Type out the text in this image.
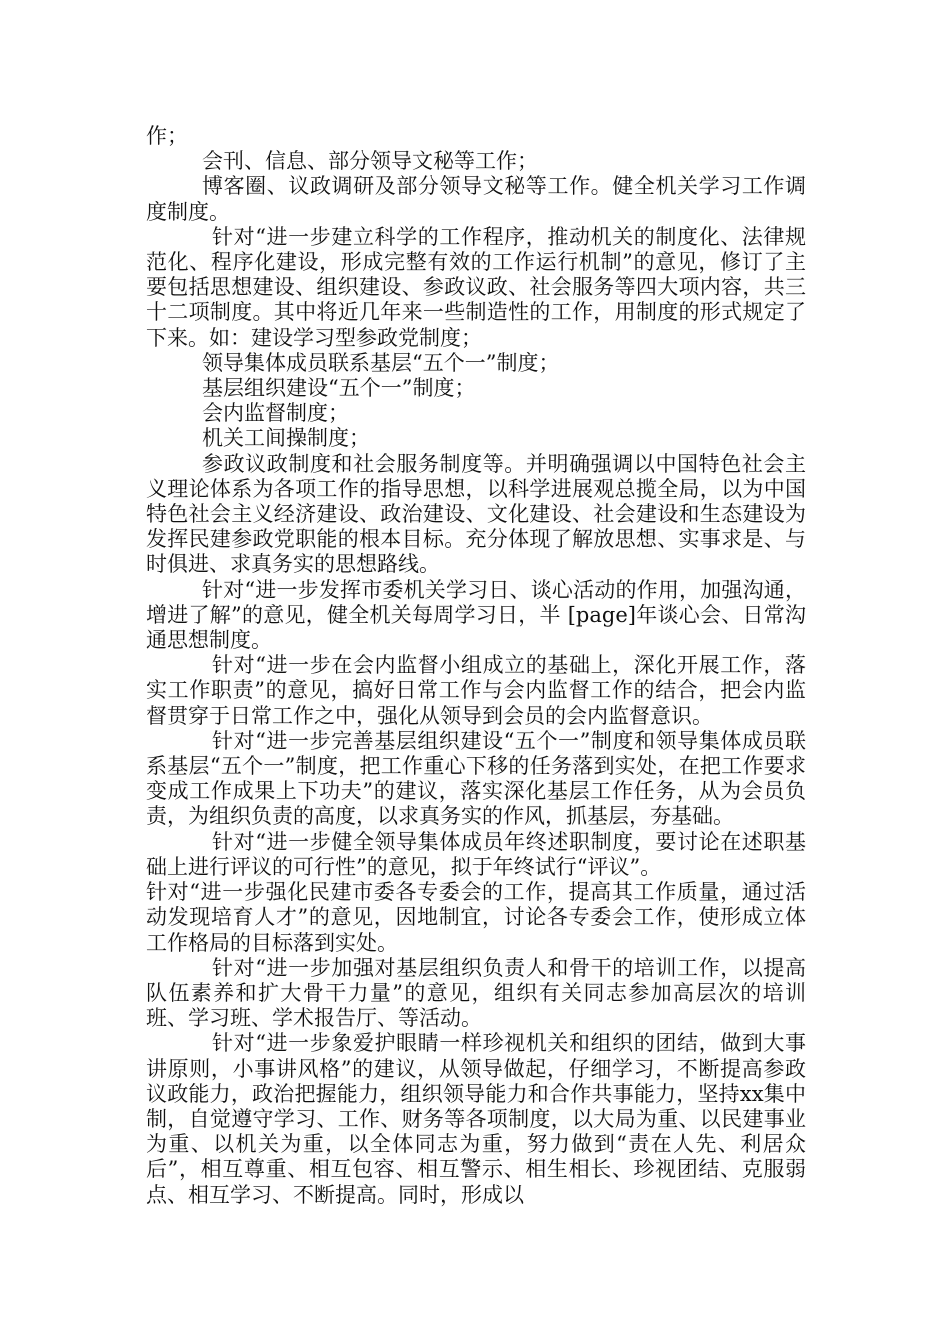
作；

会刊、信息、部分领导文秘等工作；

博客圈、议政调研及部分领导文秘等工作。健全机关学习工作调度制度。

针对“进一步建立科学的工作程序，推动机关的制度化、法律规范化、程序化建设，形成完整有效的工作运行机制”的意见，修订了主要包括思想建设、组织建设、参政议政、社会服务等四大项内容，共三十二项制度。其中将近几年来一些制造性的工作，用制度的形式规定了下来。如：建设学习型参政党制度；

领导集体成员联系基层“五个一”制度；

基层组织建设“五个一”制度；

会内监督制度；

机关工间操制度；

参政议政制度和社会服务制度等。并明确强调以中国特色社会主义理论体系为各项工作的指导思想，以科学进展观总揽全局，以为中国特色社会主义经济建设、政治建设、文化建设、社会建设和生态建设为发挥民建参政党职能的根本目标。充分体现了解放思想、实事求是、与时俱进、求真务实的思想路线。

针对“进一步发挥市委机关学习日、谈心活动的作用，加强沟通，增进了解”的意见，健全机关每周学习日，半 [page]年谈心会、日常沟通思想制度。

针对“进一步在会内监督小组成立的基础上，深化开展工作，落实工作职责”的意见，搞好日常工作与会内监督工作的结合，把会内监督贯穿于日常工作之中，强化从领导到会员的会内监督意识。

针对“进一步完善基层组织建设“五个一”制度和领导集体成员联系基层“五个一”制度，把工作重心下移的任务落到实处，在把工作要求变成工作成果上下功夫”的建议，落实深化基层工作任务，从为会员负责，为组织负责的高度，以求真务实的作风，抓基层，夯基础。

针对“进一步健全领导集体成员年终述职制度，要讨论在述职基础上进行评议的可行性”的意见，拟于年终试行“评议”。

针对“进一步强化民建市委各专委会的工作，提高其工作质量，通过活动发现培育人才”的意见，因地制宜，讨论各专委会工作，使形成立体工作格局的目标落到实处。

针对“进一步加强对基层组织负责人和骨干的培训工作，以提高队伍素养和扩大骨干力量”的意见，组织有关同志参加高层次的培训班、学习班、学术报告厅、等活动。

针对“进一步象爱护眼睛一样珍视机关和组织的团结，做到大事讲原则，小事讲风格”的建议，从领导做起，仔细学习，不断提高参政议政能力，政治把握能力，组织领导能力和合作共事能力，坚持xx集中制，自觉遵守学习、工作、财务等各项制度，以大局为重、以民建事业为重、以机关为重，以全体同志为重，努力做到“责在人先、利居众后”，相互尊重、相互包容、相互警示、相生相长、珍视团结、克服弱点、相互学习、不断提高。同时，形成以
